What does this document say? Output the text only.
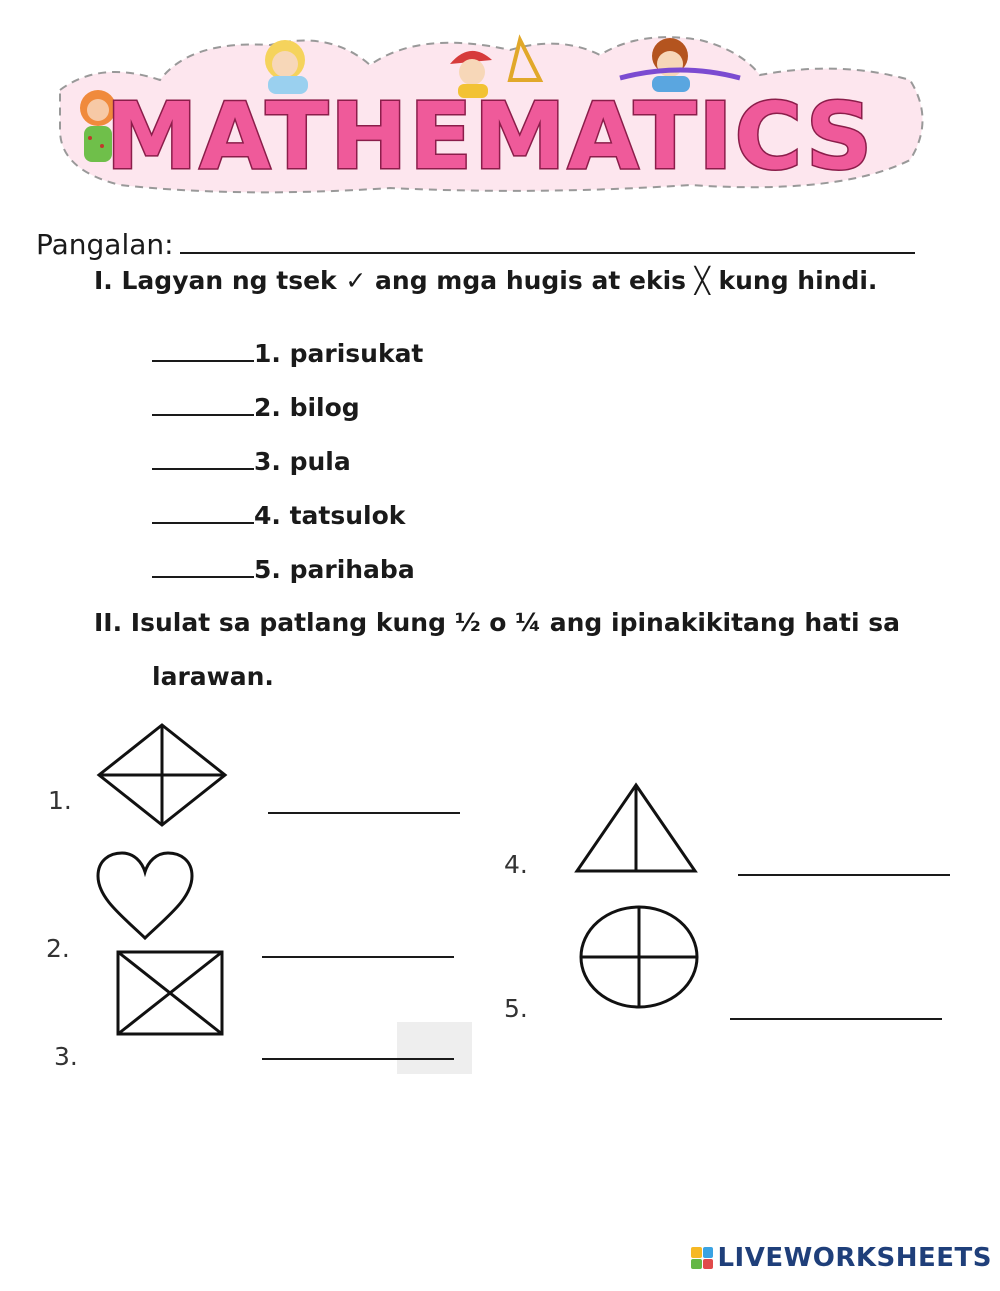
MATHEMATICS
Pangalan:
I. Lagyan ng tsek ✓ ang mga hugis at ekis ╳ kung hindi.
1. parisukat
2. bilog
3. pula
4. tatsulok
5. parihaba
II. Isulat sa patlang kung ½ o ¼ ang ipinakikitang hati sa
larawan.
1.
2.
3.
4.
5.
LIVEWORKSHEETS
